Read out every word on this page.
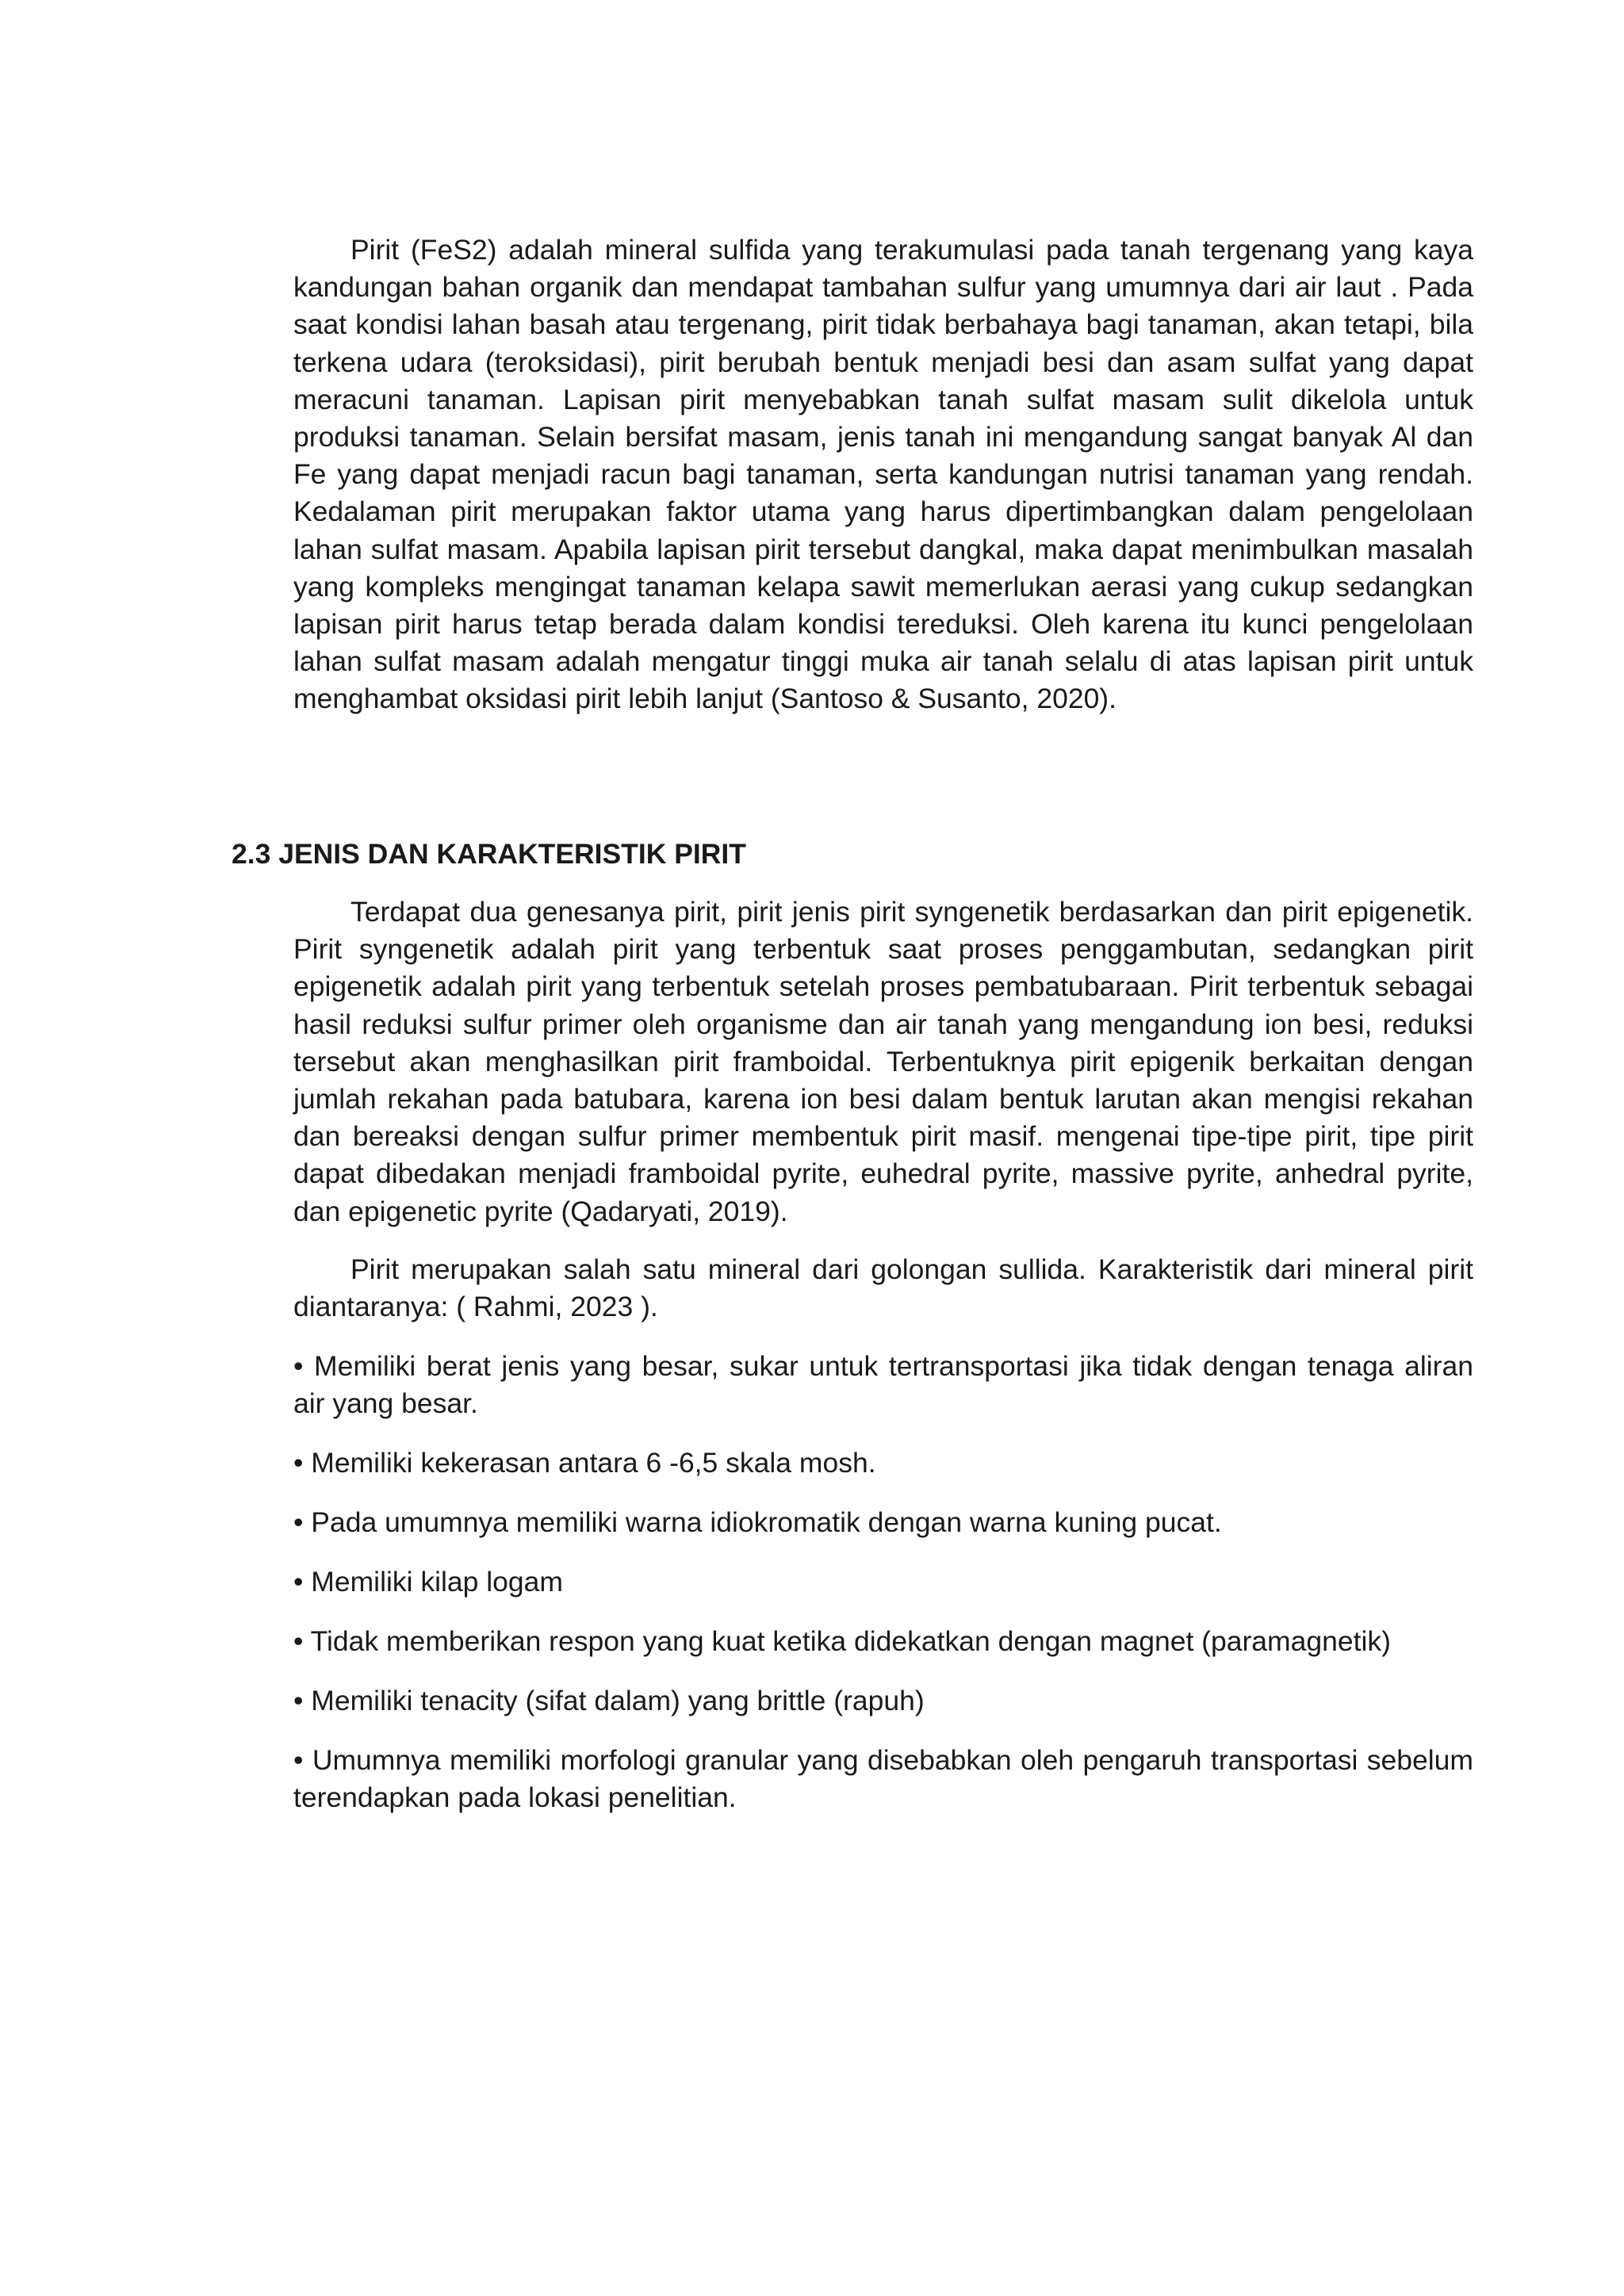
Pirit (FeS2) adalah mineral sulfida yang terakumulasi pada tanah tergenang yang kaya kandungan bahan organik dan mendapat tambahan sulfur yang umumnya dari air laut . Pada saat kondisi lahan basah atau tergenang, pirit tidak berbahaya bagi tanaman, akan tetapi, bila terkena udara (teroksidasi), pirit berubah bentuk menjadi besi dan asam sulfat yang dapat meracuni tanaman. Lapisan pirit menyebabkan tanah sulfat masam sulit dikelola untuk produksi tanaman. Selain bersifat masam, jenis tanah ini mengandung sangat banyak Al dan Fe yang dapat menjadi racun bagi tanaman, serta kandungan nutrisi tanaman yang rendah. Kedalaman pirit merupakan faktor utama yang harus dipertimbangkan dalam pengelolaan lahan sulfat masam. Apabila lapisan pirit tersebut dangkal, maka dapat menimbulkan masalah yang kompleks mengingat tanaman kelapa sawit memerlukan aerasi yang cukup sedangkan lapisan pirit harus tetap berada dalam kondisi tereduksi. Oleh karena itu kunci pengelolaan lahan sulfat masam adalah mengatur tinggi muka air tanah selalu di atas lapisan pirit untuk menghambat oksidasi pirit lebih lanjut (Santoso & Susanto, 2020).

2.3 JENIS DAN KARAKTERISTIK PIRIT

Terdapat dua genesanya pirit, pirit jenis pirit syngenetik berdasarkan dan pirit epigenetik. Pirit syngenetik adalah pirit yang terbentuk saat proses penggambutan, sedangkan pirit epigenetik adalah pirit yang terbentuk setelah proses pembatubaraan. Pirit terbentuk sebagai hasil reduksi sulfur primer oleh organisme dan air tanah yang mengandung ion besi, reduksi tersebut akan menghasilkan pirit framboidal. Terbentuknya pirit epigenik berkaitan dengan jumlah rekahan pada batubara, karena ion besi dalam bentuk larutan akan mengisi rekahan dan bereaksi dengan sulfur primer membentuk pirit masif. mengenai tipe-tipe pirit, tipe pirit dapat dibedakan menjadi framboidal pyrite, euhedral pyrite, massive pyrite, anhedral pyrite, dan epigenetic pyrite (Qadaryati, 2019).

Pirit merupakan salah satu mineral dari golongan sullida. Karakteristik dari mineral pirit diantaranya: ( Rahmi, 2023 ).

• Memiliki berat jenis yang besar, sukar untuk tertransportasi jika tidak dengan tenaga aliran air yang besar.

• Memiliki kekerasan antara 6 -6,5 skala mosh.

• Pada umumnya memiliki warna idiokromatik dengan warna kuning pucat.

• Memiliki kilap logam

• Tidak memberikan respon yang kuat ketika didekatkan dengan magnet (paramagnetik)

• Memiliki tenacity (sifat dalam) yang brittle (rapuh)

• Umumnya memiliki morfologi granular yang disebabkan oleh pengaruh transportasi sebelum terendapkan pada lokasi penelitian.
